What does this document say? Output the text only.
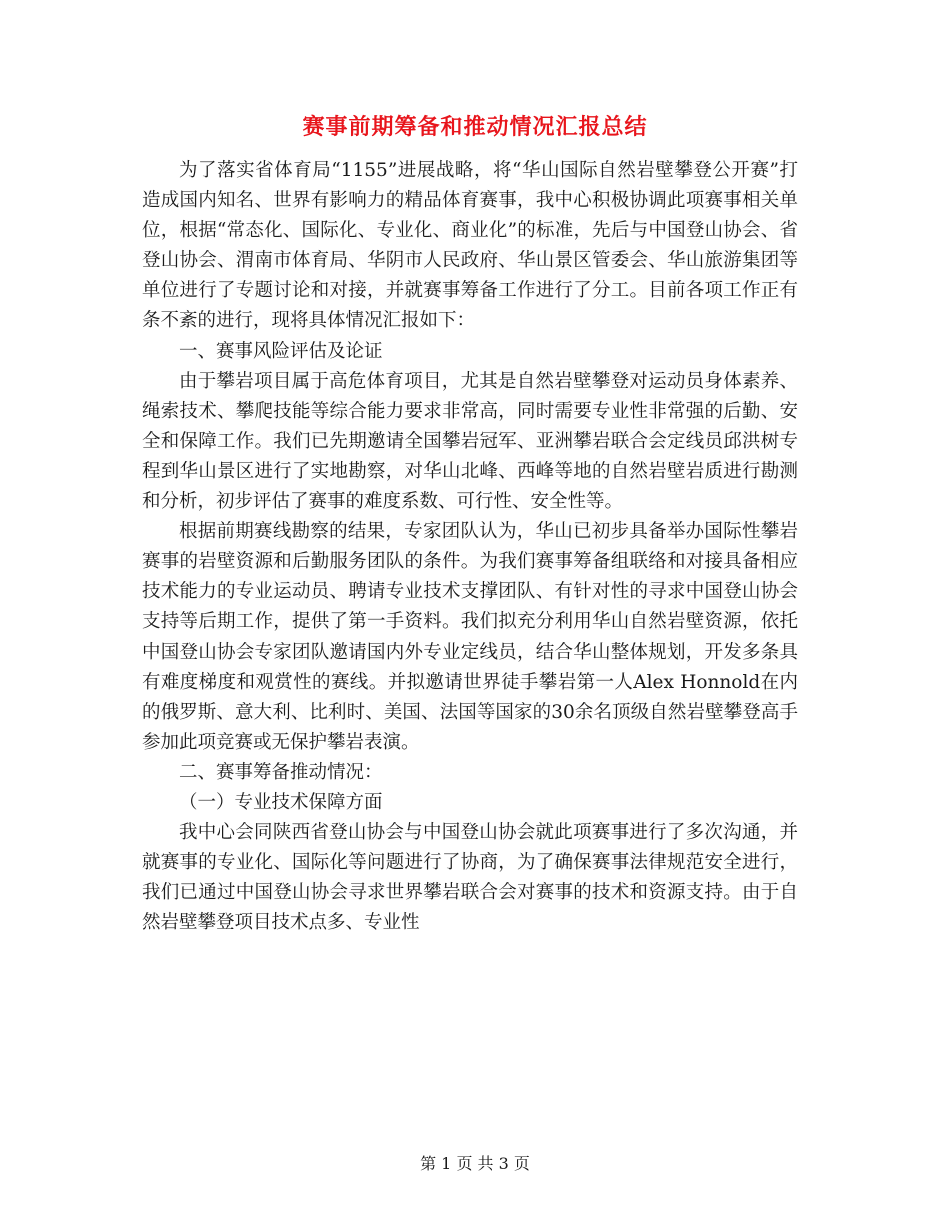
赛事前期筹备和推动情况汇报总结

为了落实省体育局“1155”进展战略，将“华山国际自然岩壁攀登公开赛”打造成国内知名、世界有影响力的精品体育赛事，我中心积极协调此项赛事相关单位，根据“常态化、国际化、专业化、商业化”的标准，先后与中国登山协会、省登山协会、渭南市体育局、华阴市人民政府、华山景区管委会、华山旅游集团等单位进行了专题讨论和对接，并就赛事筹备工作进行了分工。目前各项工作正有条不紊的进行，现将具体情况汇报如下：

一、赛事风险评估及论证

由于攀岩项目属于高危体育项目，尤其是自然岩壁攀登对运动员身体素养、绳索技术、攀爬技能等综合能力要求非常高，同时需要专业性非常强的后勤、安全和保障工作。我们已先期邀请全国攀岩冠军、亚洲攀岩联合会定线员邱洪树专程到华山景区进行了实地勘察，对华山北峰、西峰等地的自然岩壁岩质进行勘测和分析，初步评估了赛事的难度系数、可行性、安全性等。

根据前期赛线勘察的结果，专家团队认为，华山已初步具备举办国际性攀岩赛事的岩壁资源和后勤服务团队的条件。为我们赛事筹备组联络和对接具备相应技术能力的专业运动员、聘请专业技术支撑团队、有针对性的寻求中国登山协会支持等后期工作，提供了第一手资料。我们拟充分利用华山自然岩壁资源，依托中国登山协会专家团队邀请国内外专业定线员，结合华山整体规划，开发多条具有难度梯度和观赏性的赛线。并拟邀请世界徒手攀岩第一人Alex Honnold在内的俄罗斯、意大利、比利时、美国、法国等国家的30余名顶级自然岩壁攀登高手参加此项竞赛或无保护攀岩表演。

二、赛事筹备推动情况：

（一）专业技术保障方面

我中心会同陕西省登山协会与中国登山协会就此项赛事进行了多次沟通，并就赛事的专业化、国际化等问题进行了协商，为了确保赛事法律规范安全进行，我们已通过中国登山协会寻求世界攀岩联合会对赛事的技术和资源支持。由于自然岩壁攀登项目技术点多、专业性

第 1 页 共 3 页
